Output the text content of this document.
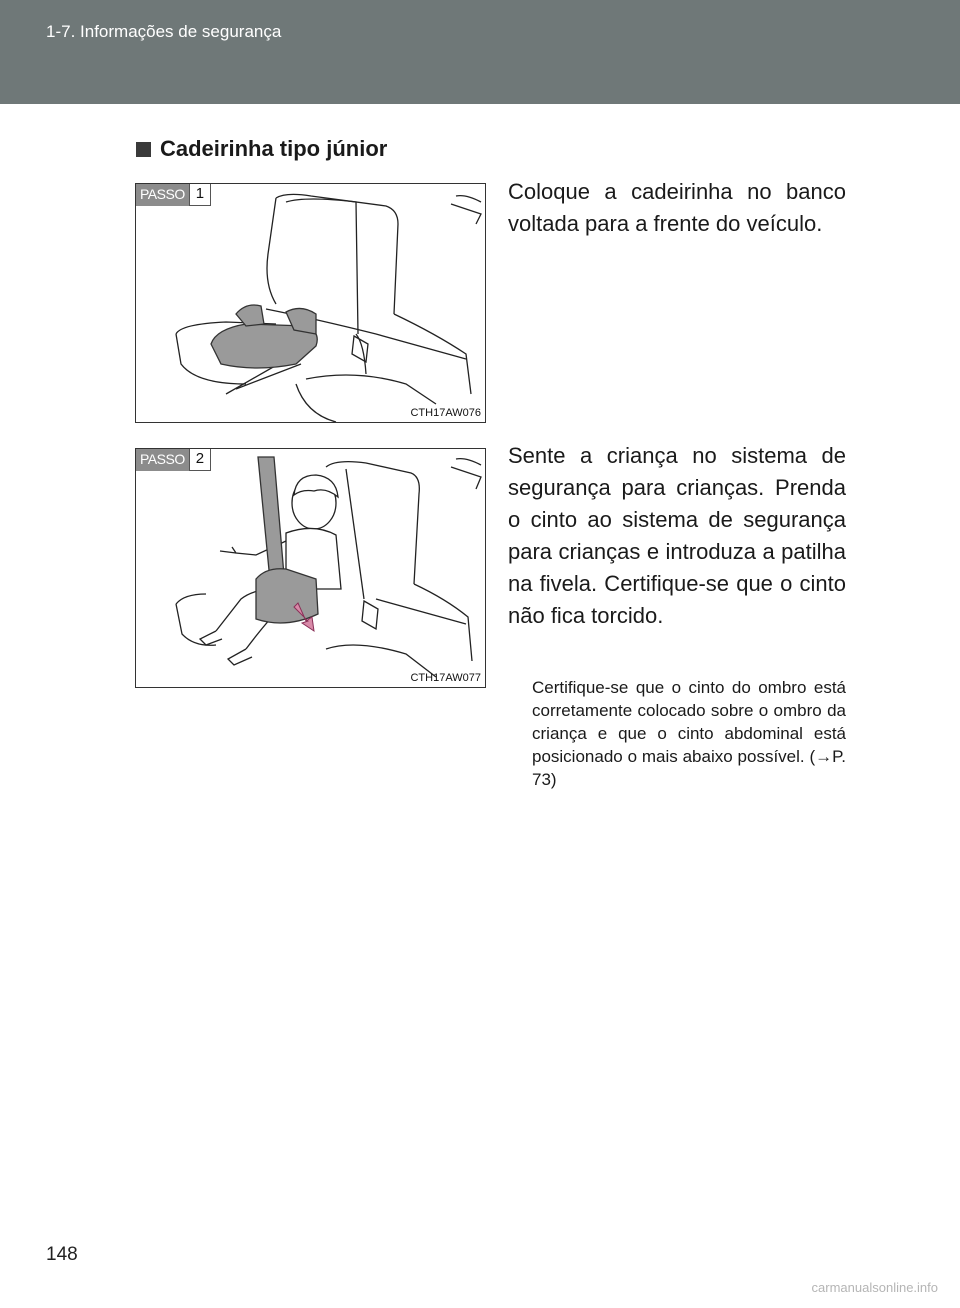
1-7. Informações de segurança
Cadeirinha tipo júnior
PASSO 1
CTH17AW076
Coloque a cadeirinha no banco voltada para a frente do veículo.
PASSO 2
CTH17AW077
Sente a criança no sistema de segurança para crianças. Prenda o cinto ao sistema de segurança para crianças e introduza a patilha na fivela. Certifique-se que o cinto não fica torcido.
Certifique-se que o cinto do ombro está corretamente colocado sobre o ombro da criança e que o cinto abdominal está posicionado o mais abaixo possível. (→P. 73)
148
carmanualsonline.info
